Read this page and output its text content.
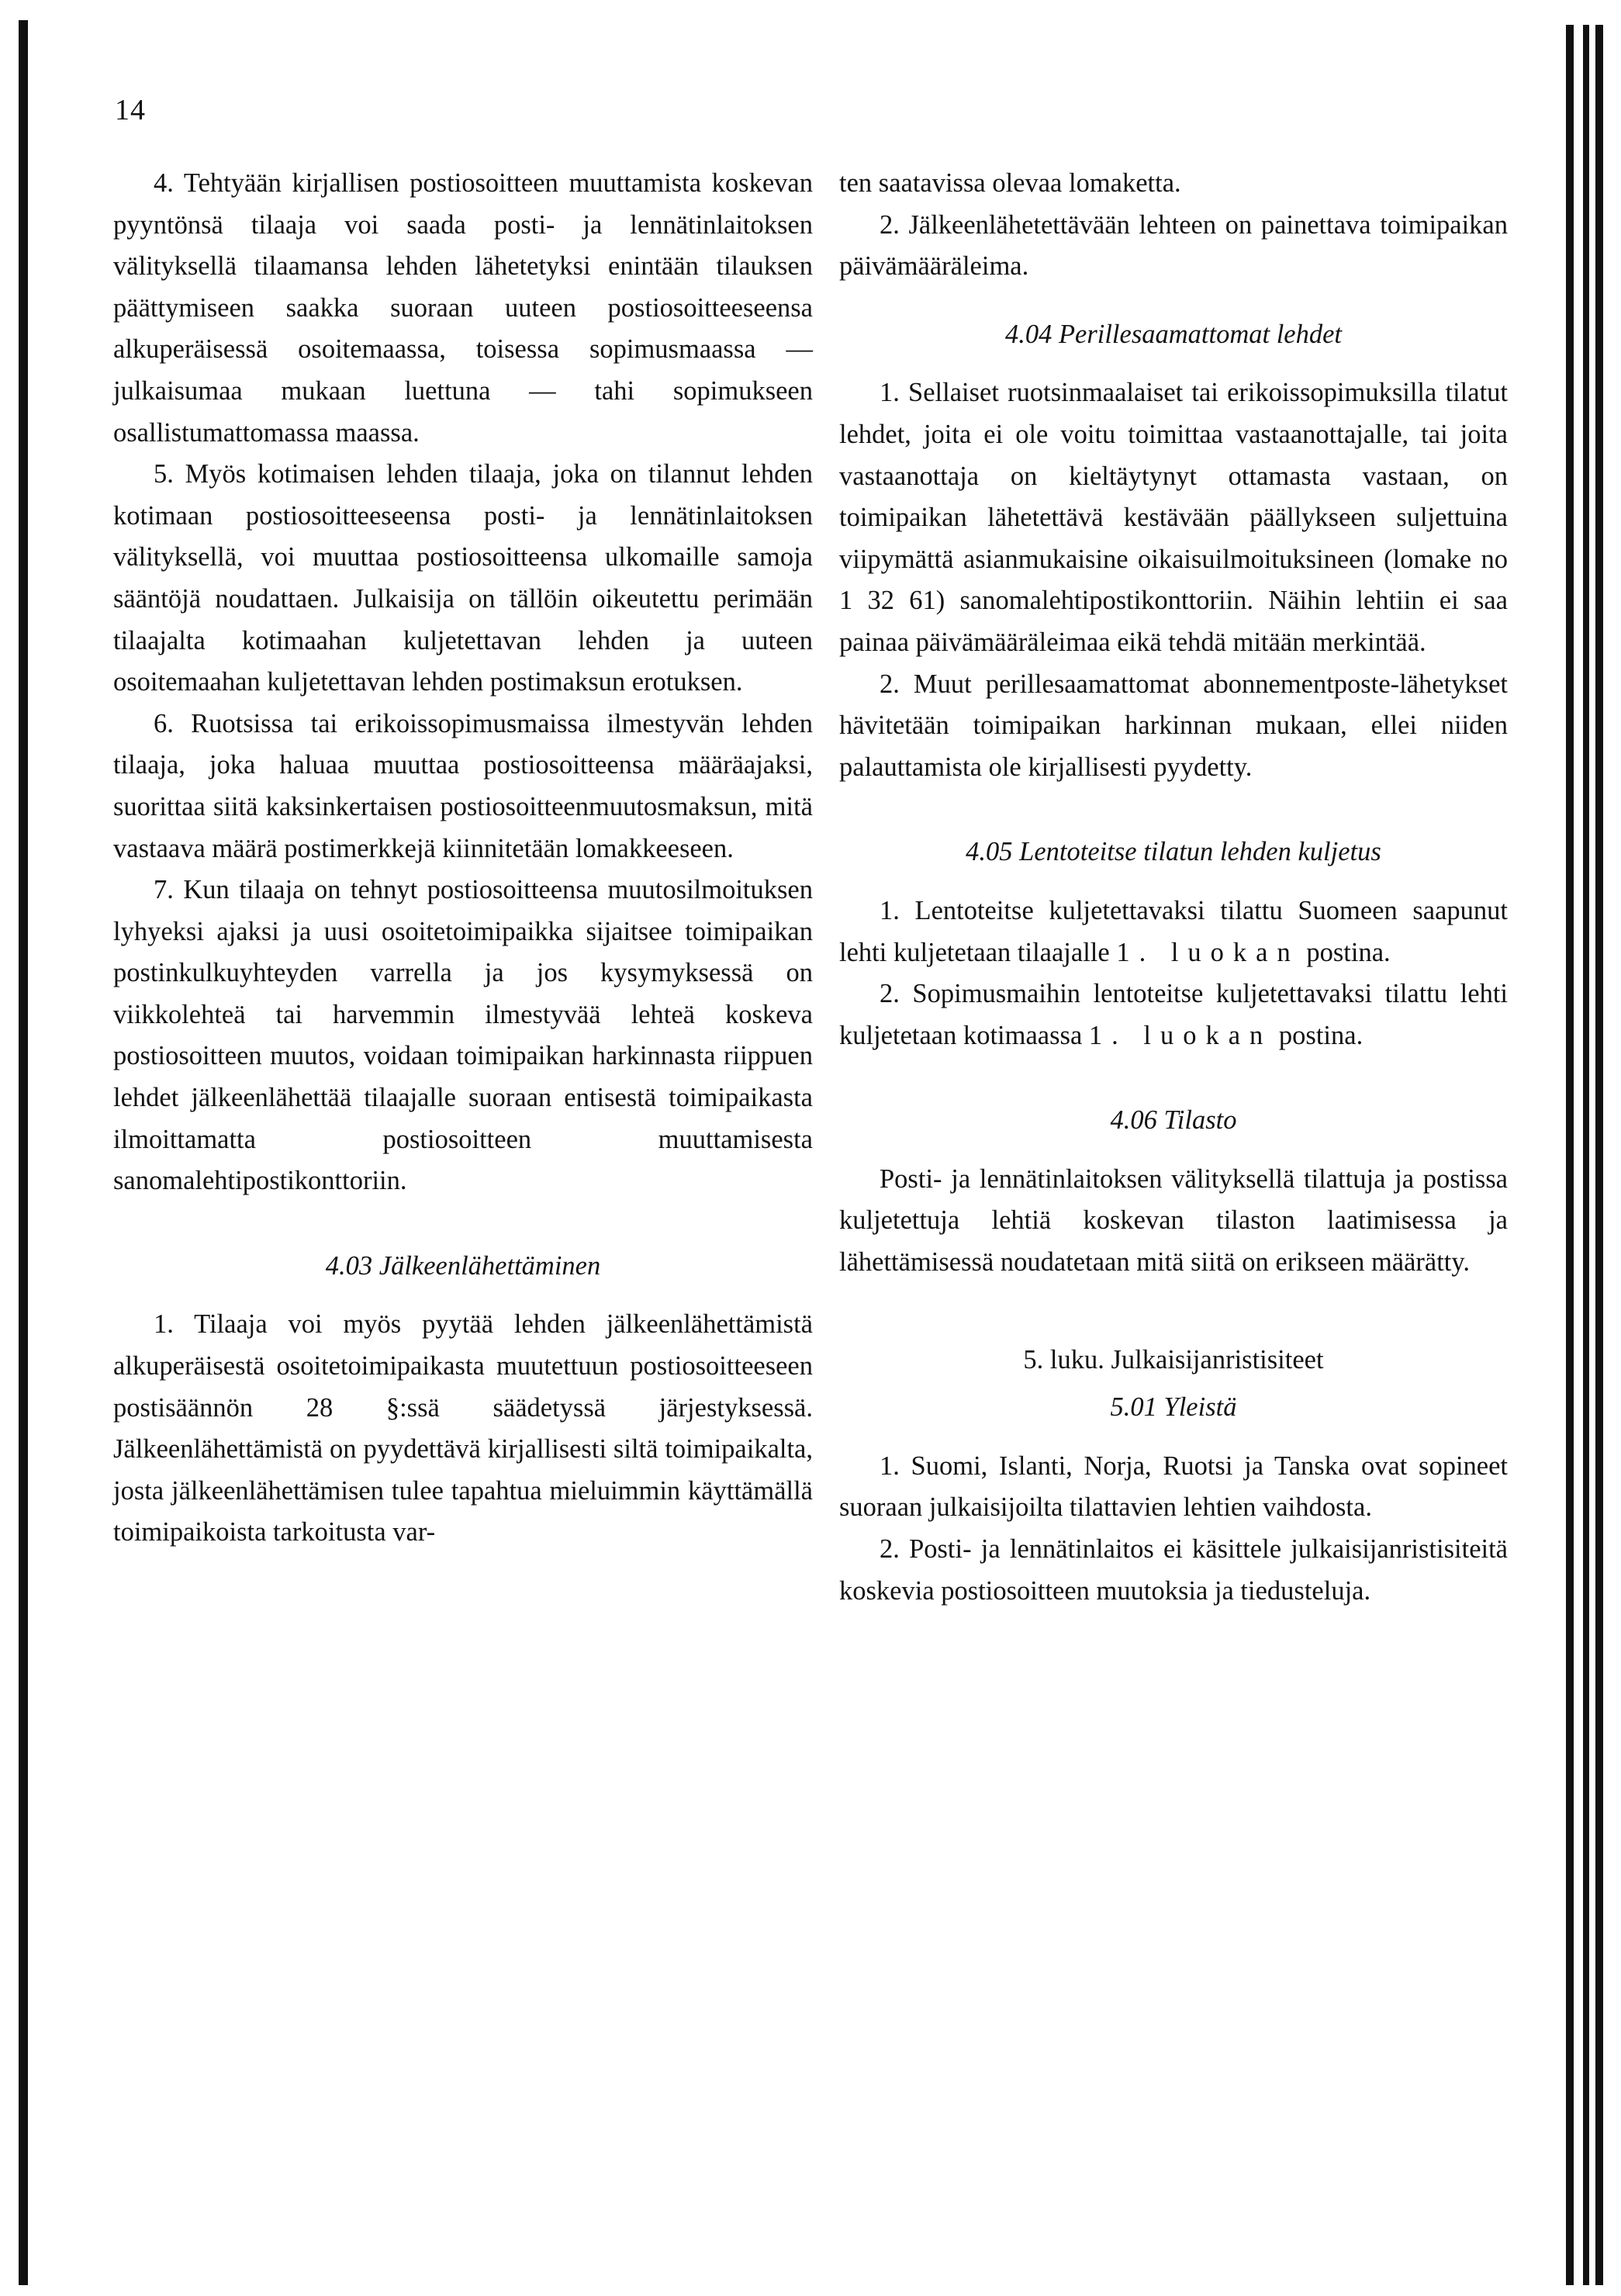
14

4. Tehtyään kirjallisen postiosoitteen muuttamista koskevan pyyntönsä tilaaja voi saada posti- ja lennätinlaitoksen välityksellä tilaamansa lehden lähetetyksi enintään tilauksen päättymiseen saakka suoraan uuteen postiosoitteeseensa alkuperäisessä osoitemaassa, toisessa sopimusmaassa — julkaisumaa mukaan luettuna — tahi sopimukseen osallistumattomassa maassa.

5. Myös kotimaisen lehden tilaaja, joka on tilannut lehden kotimaan postiosoitteeseensa posti- ja lennätinlaitoksen välityksellä, voi muuttaa postiosoitteensa ulkomaille samoja sääntöjä noudattaen. Julkaisija on tällöin oikeutettu perimään tilaajalta kotimaahan kuljetettavan lehden ja uuteen osoitemaahan kuljetettavan lehden postimaksun erotuksen.

6. Ruotsissa tai erikoissopimusmaissa ilmestyvän lehden tilaaja, joka haluaa muuttaa postiosoitteensa määräajaksi, suorittaa siitä kaksinkertaisen postiosoitteenmuutosmaksun, mitä vastaava määrä postimerkkejä kiinnitetään lomakkeeseen.

7. Kun tilaaja on tehnyt postiosoitteensa muutosilmoituksen lyhyeksi ajaksi ja uusi osoitetoimipaikka sijaitsee toimipaikan postinkulkuyhteyden varrella ja jos kysymyksessä on viikkolehteä tai harvemmin ilmestyvää lehteä koskeva postiosoitteen muutos, voidaan toimipaikan harkinnasta riippuen lehdet jälkeenlähettää tilaajalle suoraan entisestä toimipaikasta ilmoittamatta postiosoitteen muuttamisesta sanomalehtipostikonttoriin.

4.03 Jälkeenlähettäminen

1. Tilaaja voi myös pyytää lehden jälkeenlähettämistä alkuperäisestä osoitetoimipaikasta muutettuun postiosoitteeseen postisäännön 28 §:ssä säädetyssä järjestyksessä. Jälkeenlähettämistä on pyydettävä kirjallisesti siltä toimipaikalta, josta jälkeenlähettämisen tulee tapahtua mieluimmin käyttämällä toimipaikoista tarkoitusta var-

ten saatavissa olevaa lomaketta.

2. Jälkeenlähetettävään lehteen on painettava toimipaikan päivämääräleima.

4.04 Perillesaamattomat lehdet

1. Sellaiset ruotsinmaalaiset tai erikoissopimuksilla tilatut lehdet, joita ei ole voitu toimittaa vastaanottajalle, tai joita vastaanottaja on kieltäytynyt ottamasta vastaan, on toimipaikan lähetettävä kestävään päällykseen suljettuina viipymättä asianmukaisine oikaisuilmoituksineen (lomake no 1 32 61) sanomalehtipostikonttoriin. Näihin lehtiin ei saa painaa päivämääräleimaa eikä tehdä mitään merkintää.

2. Muut perillesaamattomat abonnementposte-lähetykset hävitetään toimipaikan harkinnan mukaan, ellei niiden palauttamista ole kirjallisesti pyydetty.

4.05 Lentoteitse tilatun lehden kuljetus

1. Lentoteitse kuljetettavaksi tilattu Suomeen saapunut lehti kuljetetaan tilaajalle 1. luokan postina.

2. Sopimusmaihin lentoteitse kuljetettavaksi tilattu lehti kuljetetaan kotimaassa 1. luokan postina.

4.06 Tilasto

Posti- ja lennätinlaitoksen välityksellä tilattuja ja postissa kuljetettuja lehtiä koskevan tilaston laatimisessa ja lähettämisessä noudatetaan mitä siitä on erikseen määrätty.

5. luku. Julkaisijanristisiteet
5.01 Yleistä

1. Suomi, Islanti, Norja, Ruotsi ja Tanska ovat sopineet suoraan julkaisijoilta tilattavien lehtien vaihdosta.

2. Posti- ja lennätinlaitos ei käsittele julkaisijanristisiteitä koskevia postiosoitteen muutoksia ja tiedusteluja.
